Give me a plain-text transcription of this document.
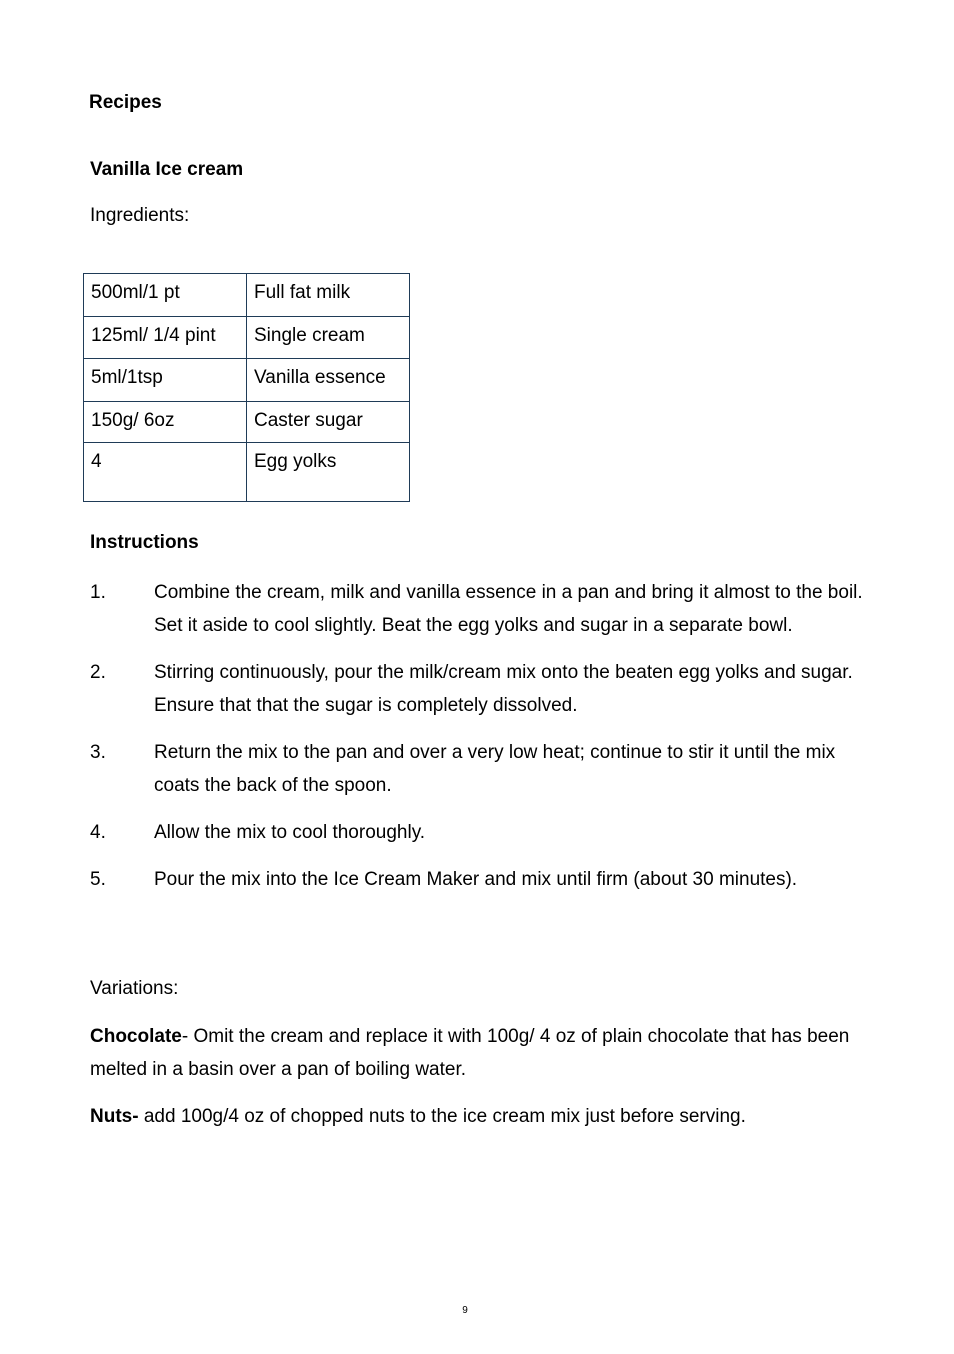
Recipes
Vanilla Ice cream
Ingredients:
500ml/1 pt	Full fat milk
125ml/ 1/4 pint	Single cream
5ml/1tsp	Vanilla essence
150g/ 6oz	Caster sugar
4	Egg yolks
Instructions
1.	Combine the cream, milk and vanilla essence in a pan and bring it almost to the boil. Set it aside to cool slightly. Beat the egg yolks and sugar in a separate bowl.
2.	Stirring continuously, pour the milk/cream mix onto the beaten egg yolks and sugar. Ensure that that the sugar is completely dissolved.
3.	Return the mix to the pan and over a very low heat; continue to stir it until the mix coats the back of the spoon.
4.	Allow the mix to cool thoroughly.
5.	Pour the mix into the Ice Cream Maker and mix until firm (about 30 minutes).
Variations:
Chocolate- Omit the cream and replace it with 100g/ 4 oz of plain chocolate that has been melted in a basin over a pan of boiling water.
Nuts- add 100g/4 oz of chopped nuts to the ice cream mix just before serving.
9
